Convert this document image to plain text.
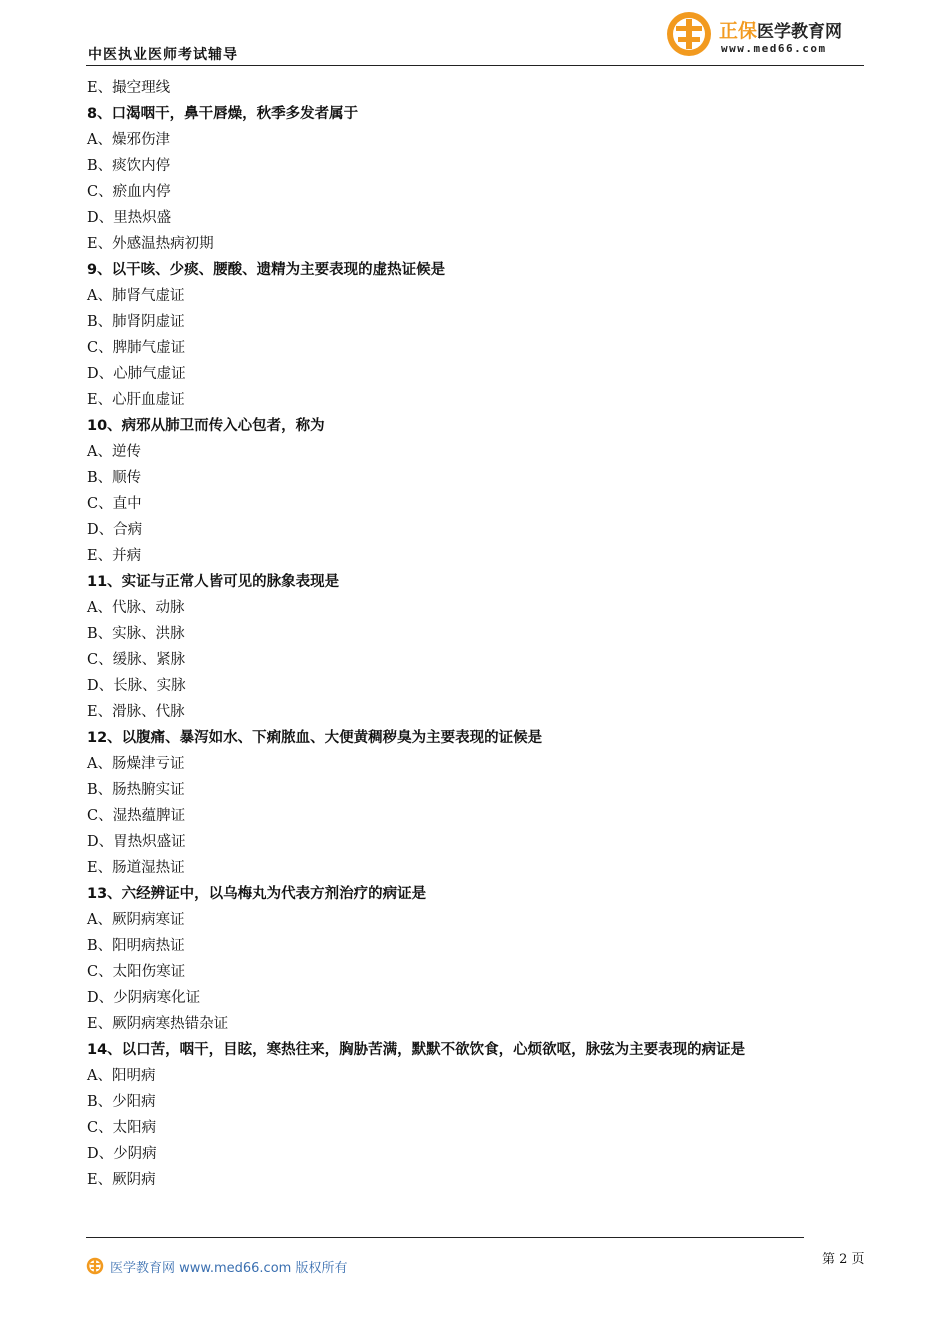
中医执业医师考试辅导
正保医学教育网
www.med66.com
E、撮空理线
8、口渴咽干，鼻干唇燥，秋季多发者属于
A、燥邪伤津
B、痰饮内停
C、瘀血内停
D、里热炽盛
E、外感温热病初期
9、以干咳、少痰、腰酸、遗精为主要表现的虚热证候是
A、肺肾气虚证
B、肺肾阴虚证
C、脾肺气虚证
D、心肺气虚证
E、心肝血虚证
10、病邪从肺卫而传入心包者，称为
A、逆传
B、顺传
C、直中
D、合病
E、并病
11、实证与正常人皆可见的脉象表现是
A、代脉、动脉
B、实脉、洪脉
C、缓脉、紧脉
D、长脉、实脉
E、滑脉、代脉
12、以腹痛、暴泻如水、下痢脓血、大便黄稠秽臭为主要表现的证候是
A、肠燥津亏证
B、肠热腑实证
C、湿热蕴脾证
D、胃热炽盛证
E、肠道湿热证
13、六经辨证中，以乌梅丸为代表方剂治疗的病证是
A、厥阴病寒证
B、阳明病热证
C、太阳伤寒证
D、少阴病寒化证
E、厥阴病寒热错杂证
14、以口苦，咽干，目眩，寒热往来，胸胁苦满，默默不欲饮食，心烦欲呕，脉弦为主要表现的病证是
A、阳明病
B、少阳病
C、太阳病
D、少阴病
E、厥阴病
医学教育网 www.med66.com 版权所有
第 2 页
